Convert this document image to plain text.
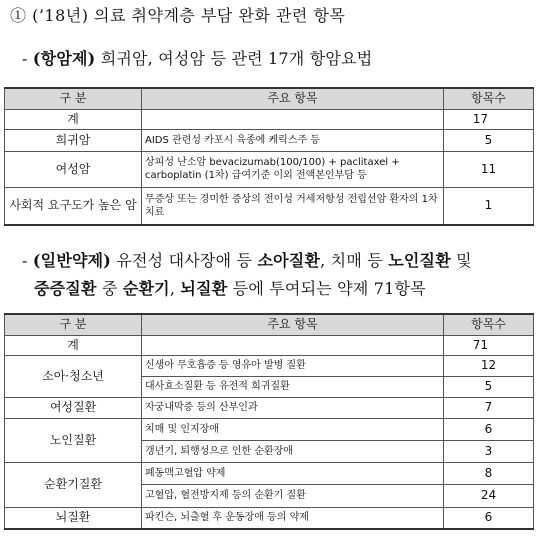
① (’18년) 의료 취약계층 부담 완화 관련 항목
- (항암제) 희귀암, 여성암 등 관련 17개 항암요법
구 분	주요 항목	항목수
계		17
희귀암	AIDS 관련성 카포시 육종에 케릭스주 등	5
여성암	상피성 난소암 bevacizumab(100/100) + paclitaxel + carboplatin (1차) 급여기준 이외 전액본인부담 등	11
사회적 요구도가 높은 암	무증상 또는 경미한 증상의 전이성 거세저항성 전립선암 환자의 1차 치료	1
- (일반약제) 유전성 대사장애 등 소아질환, 치매 등 노인질환 및
중증질환 중 순환기, 뇌질환 등에 투여되는 약제 71항목
구 분	주요 항목	항목수
계		71
소아·청소년	신생아 무호흡증 등 영유아 발병 질환	12
	대사효소질환 등 유전적 희귀질환	5
여성질환	자궁내막증 등의 산부인과	7
노인질환	치매 및 인지장애	6
	갱년기, 퇴행성으로 인한 순환장애	3
순환기질환	폐동맥고혈압 약제	8
	고혈압, 혈전방지제 등의 순환기 질환	24
뇌질환	파킨슨, 뇌출혈 후 운동장애 등의 약제	6
